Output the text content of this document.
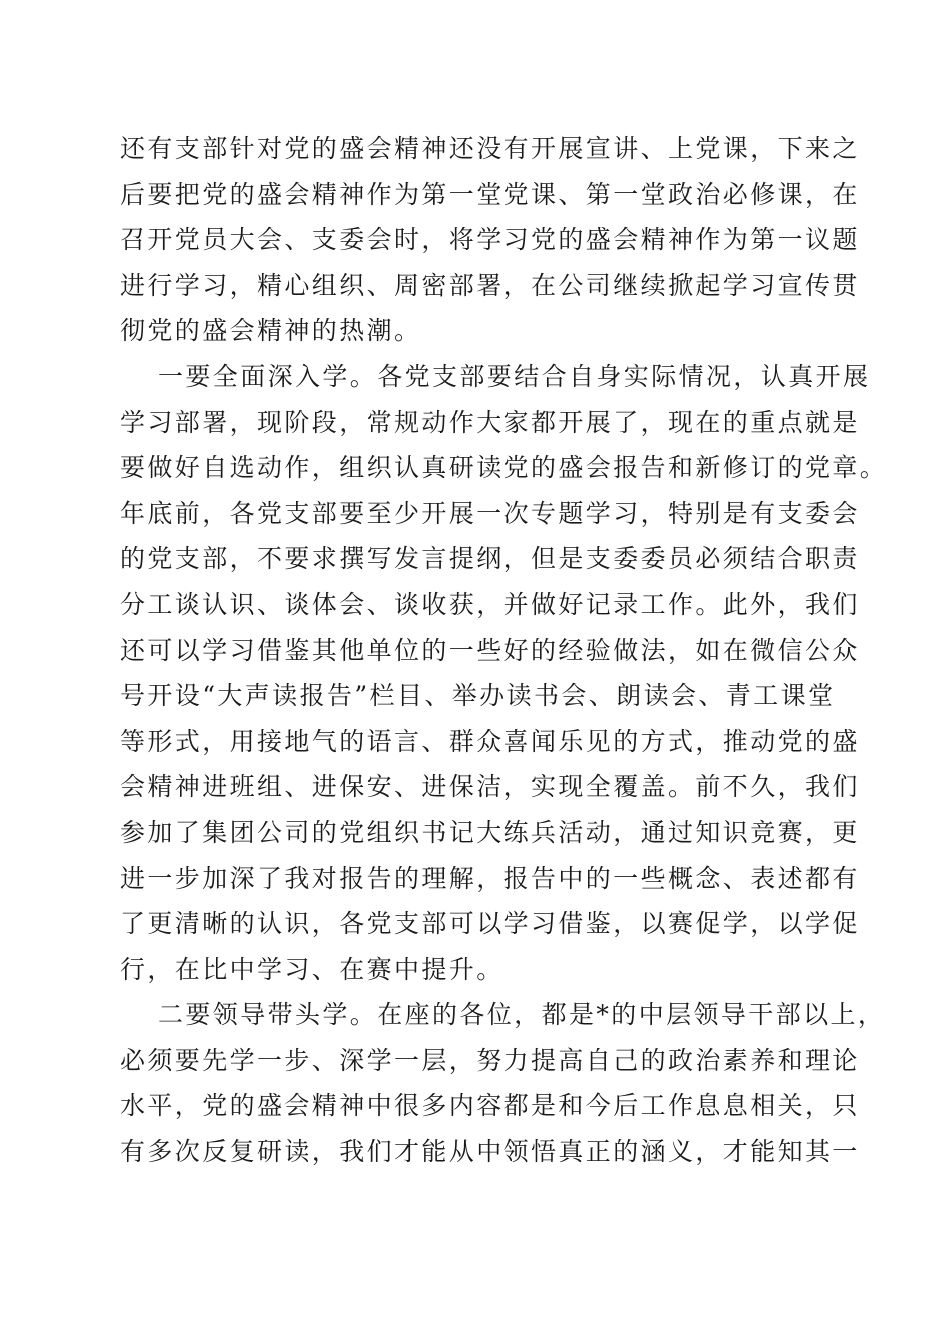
还有支部针对党的盛会精神还没有开展宣讲、上党课，下来之
后要把党的盛会精神作为第一堂党课、第一堂政治必修课，在
召开党员大会、支委会时，将学习党的盛会精神作为第一议题
进行学习，精心组织、周密部署，在公司继续掀起学习宣传贯
彻党的盛会精神的热潮。
一要全面深入学。各党支部要结合自身实际情况，认真开展
学习部署，现阶段，常规动作大家都开展了，现在的重点就是
要做好自选动作，组织认真研读党的盛会报告和新修订的党章。
年底前，各党支部要至少开展一次专题学习，特别是有支委会
的党支部，不要求撰写发言提纲，但是支委委员必须结合职责
分工谈认识、谈体会、谈收获，并做好记录工作。此外，我们
还可以学习借鉴其他单位的一些好的经验做法，如在微信公众
号开设“大声读报告”栏目、举办读书会、朗读会、青工课堂
等形式，用接地气的语言、群众喜闻乐见的方式，推动党的盛
会精神进班组、进保安、进保洁，实现全覆盖。前不久，我们
参加了集团公司的党组织书记大练兵活动，通过知识竞赛，更
进一步加深了我对报告的理解，报告中的一些概念、表述都有
了更清晰的认识，各党支部可以学习借鉴，以赛促学，以学促
行，在比中学习、在赛中提升。
二要领导带头学。在座的各位，都是*的中层领导干部以上，
必须要先学一步、深学一层，努力提高自己的政治素养和理论
水平，党的盛会精神中很多内容都是和今后工作息息相关，只
有多次反复研读，我们才能从中领悟真正的涵义，才能知其一
